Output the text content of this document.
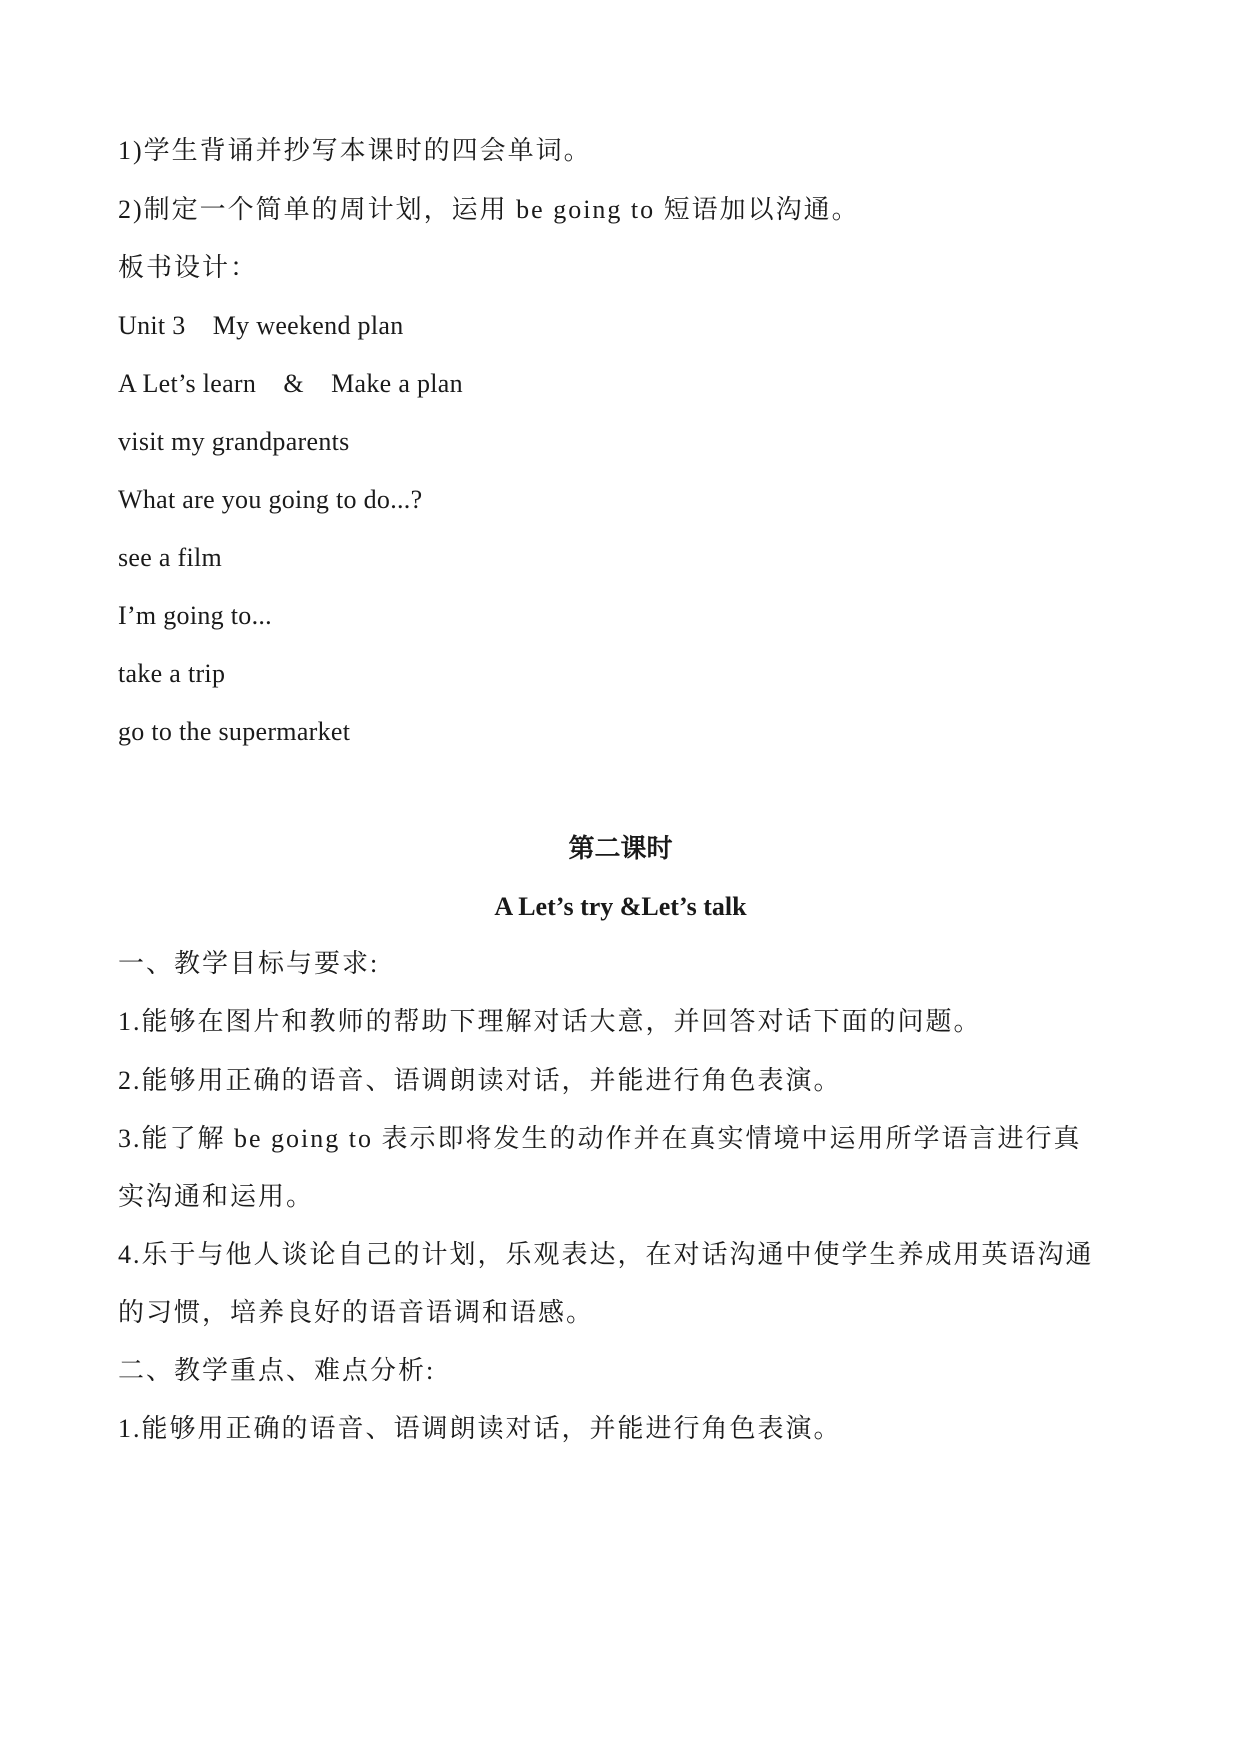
1)学生背诵并抄写本课时的四会单词。
2)制定一个简单的周计划，运用 be going to 短语加以沟通。
板书设计：
Unit 3    My weekend plan
A Let’s learn    &    Make a plan
visit my grandparents
What are you going to do...?
see a film
I’m going to...
take a trip
go to the supermarket
第二课时
A Let’s try &Let’s talk
一、教学目标与要求:
1.能够在图片和教师的帮助下理解对话大意，并回答对话下面的问题。
2.能够用正确的语音、语调朗读对话，并能进行角色表演。
3.能了解 be going to 表示即将发生的动作并在真实情境中运用所学语言进行真
实沟通和运用。
4.乐于与他人谈论自己的计划，乐观表达，在对话沟通中使学生养成用英语沟通
的习惯，培养良好的语音语调和语感。
二、教学重点、难点分析:
1.能够用正确的语音、语调朗读对话，并能进行角色表演。
